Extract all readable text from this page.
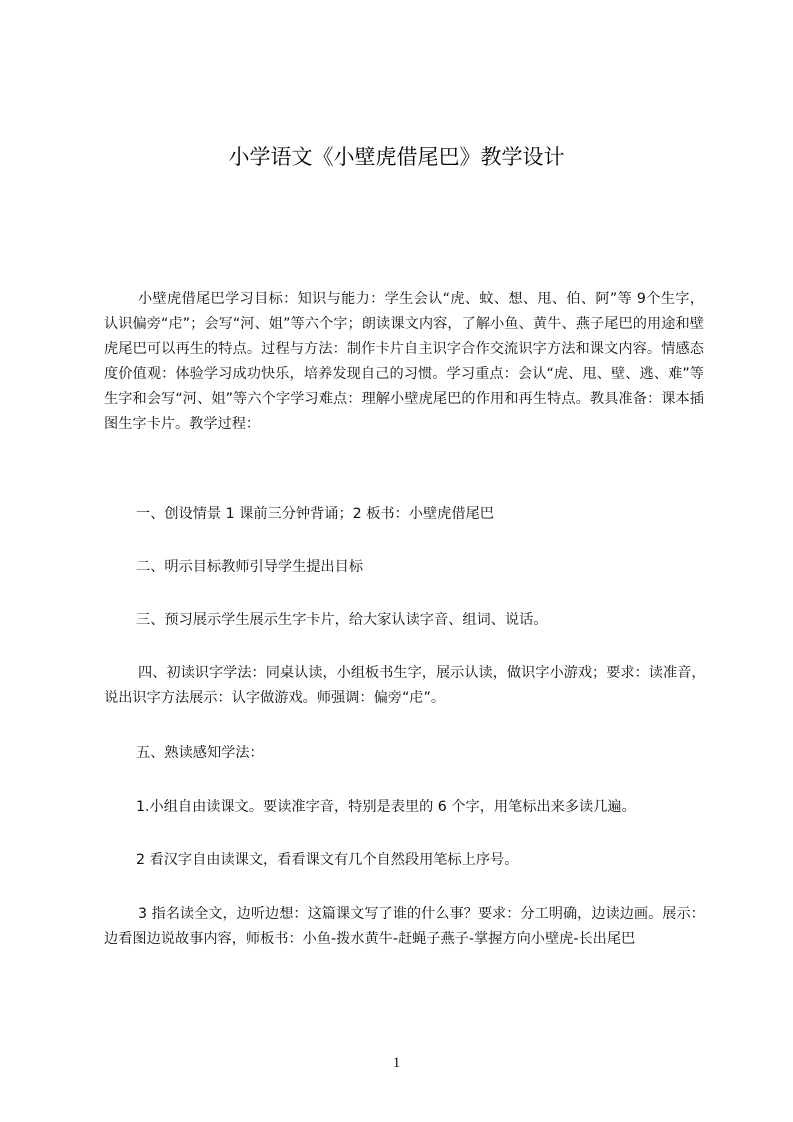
小学语文《小壁虎借尾巴》教学设计

小壁虎借尾巴学习目标：知识与能力：学生会认“虎、蚊、想、甩、伯、阿”等 9个生字，认识偏旁“虍”；会写“河、姐”等六个字；朗读课文内容，了解小鱼、黄牛、燕子尾巴的用途和壁虎尾巴可以再生的特点。过程与方法：制作卡片自主识字合作交流识字方法和课文内容。情感态度价值观：体验学习成功快乐，培养发现自己的习惯。学习重点：会认“虎、甩、壁、逃、难”等生字和会写“河、姐”等六个字学习难点：理解小壁虎尾巴的作用和再生特点。教具准备：课本插图生字卡片。教学过程：

一、创设情景 1 课前三分钟背诵；2 板书：小壁虎借尾巴

二、明示目标教师引导学生提出目标

三、预习展示学生展示生字卡片，给大家认读字音、组词、说话。

四、初读识字学法：同桌认读，小组板书生字，展示认读，做识字小游戏；要求：读准音，说出识字方法展示：认字做游戏。师强调：偏旁“虍”。

五、熟读感知学法：

1.小组自由读课文。要读准字音，特别是表里的 6 个字，用笔标出来多读几遍。

2 看汉字自由读课文，看看课文有几个自然段用笔标上序号。

3 指名读全文，边听边想：这篇课文写了谁的什么事？要求：分工明确，边读边画。展示：边看图边说故事内容，师板书：小鱼-拨水黄牛-赶蝇子燕子-掌握方向小壁虎-长出尾巴

1
